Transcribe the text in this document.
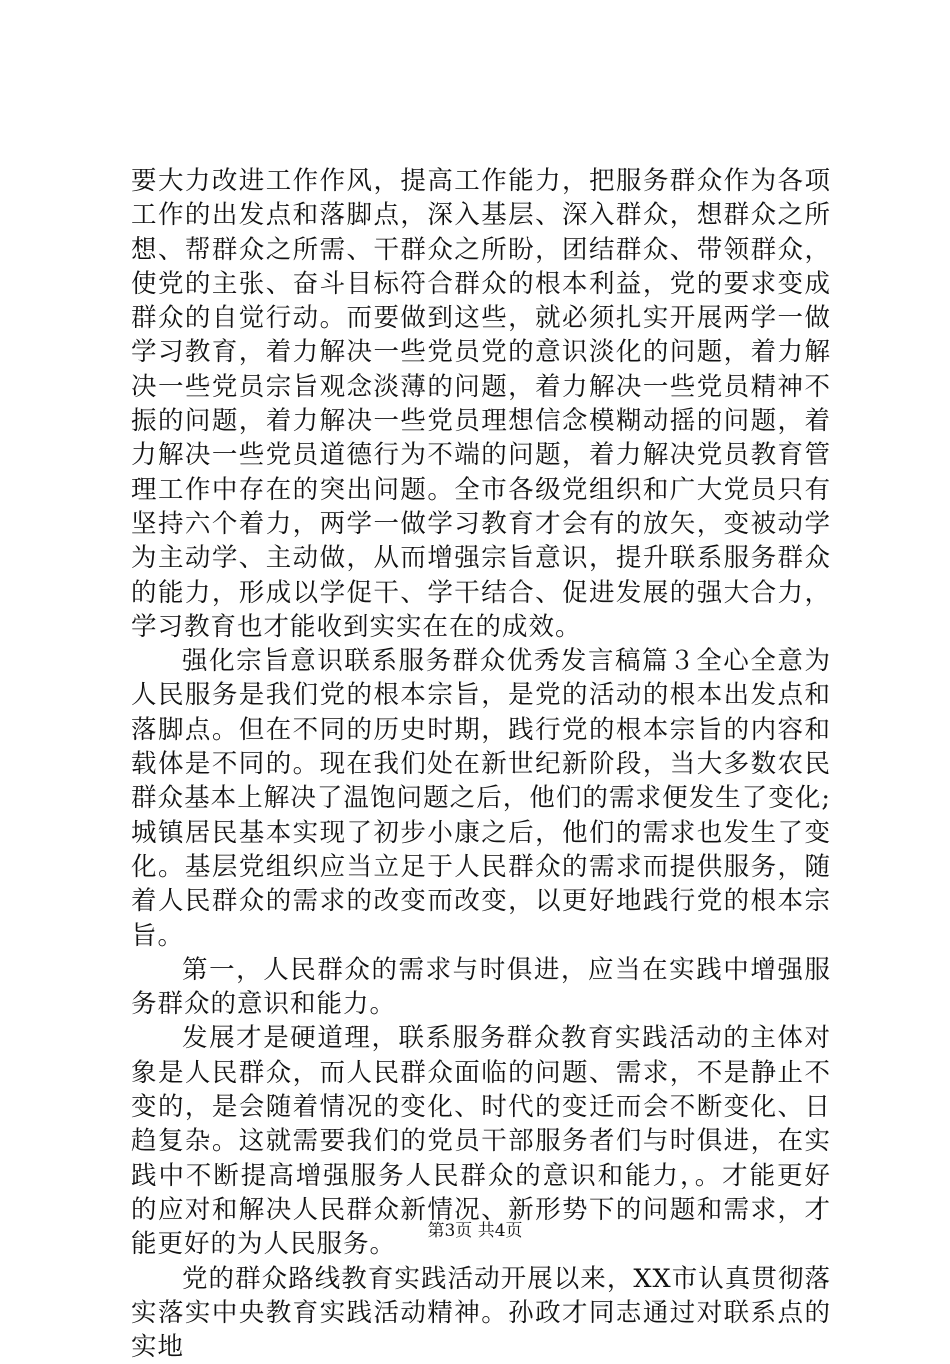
要大力改进工作作风，提高工作能力，把服务群众作为各项工作的出发点和落脚点，深入基层、深入群众，想群众之所想、帮群众之所需、干群众之所盼，团结群众、带领群众，使党的主张、奋斗目标符合群众的根本利益，党的要求变成群众的自觉行动。而要做到这些，就必须扎实开展两学一做学习教育，着力解决一些党员党的意识淡化的问题，着力解决一些党员宗旨观念淡薄的问题，着力解决一些党员精神不振的问题，着力解决一些党员理想信念模糊动摇的问题，着力解决一些党员道德行为不端的问题，着力解决党员教育管理工作中存在的突出问题。全市各级党组织和广大党员只有坚持六个着力，两学一做学习教育才会有的放矢，变被动学为主动学、主动做，从而增强宗旨意识，提升联系服务群众的能力，形成以学促干、学干结合、促进发展的强大合力，学习教育也才能收到实实在在的成效。

强化宗旨意识联系服务群众优秀发言稿篇３全心全意为人民服务是我们党的根本宗旨，是党的活动的根本出发点和落脚点。但在不同的历史时期，践行党的根本宗旨的内容和载体是不同的。现在我们处在新世纪新阶段，当大多数农民群众基本上解决了温饱问题之后，他们的需求便发生了变化;城镇居民基本实现了初步小康之后，他们的需求也发生了变化。基层党组织应当立足于人民群众的需求而提供服务，随着人民群众的需求的改变而改变，以更好地践行党的根本宗旨。

第一，人民群众的需求与时俱进，应当在实践中增强服务群众的意识和能力。

发展才是硬道理，联系服务群众教育实践活动的主体对象是人民群众，而人民群众面临的问题、需求，不是静止不变的，是会随着情况的变化、时代的变迁而会不断变化、日趋复杂。这就需要我们的党员干部服务者们与时俱进，在实践中不断提高增强服务人民群众的意识和能力，。才能更好的应对和解决人民群众新情况、新形势下的问题和需求，才能更好的为人民服务。

党的群众路线教育实践活动开展以来，XX市认真贯彻落实落实中央教育实践活动精神。孙政才同志通过对联系点的实地

第3页 共4页
